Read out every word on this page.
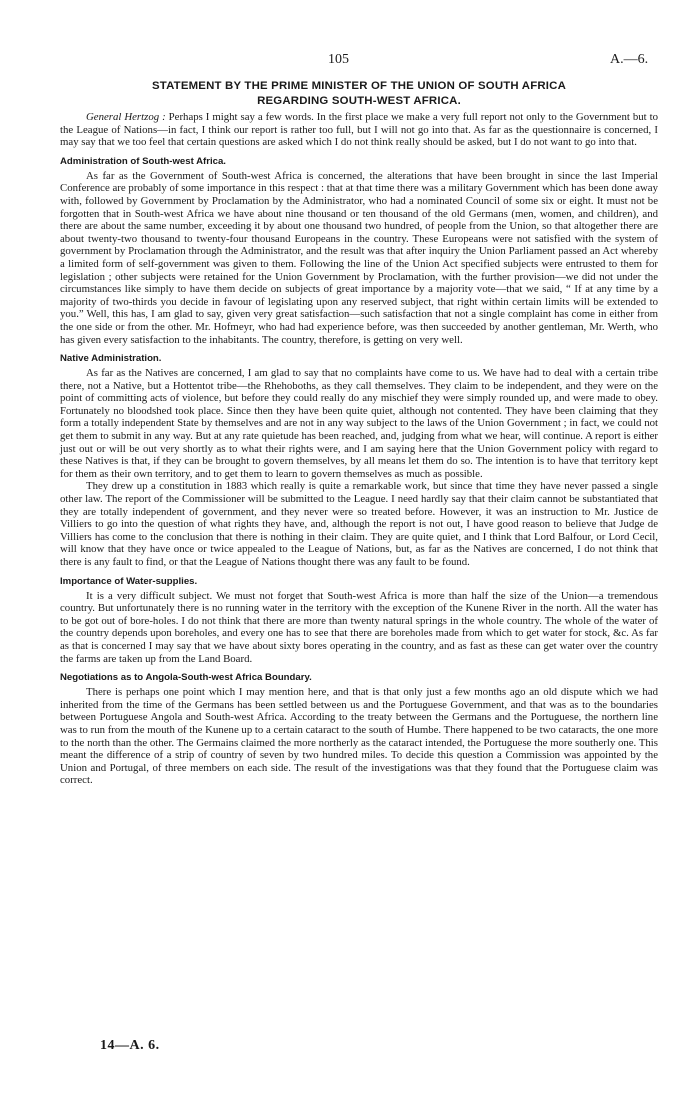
105	A.—6.
STATEMENT BY THE PRIME MINISTER OF THE UNION OF SOUTH AFRICA
REGARDING SOUTH-WEST AFRICA.

General Hertzog : Perhaps I might say a few words. In the first place we make a very full report not only to the Government but to the League of Nations—in fact, I think our report is rather too full, but I will not go into that. As far as the questionnaire is concerned, I may say that we too feel that certain questions are asked which I do not think really should be asked, but I do not want to go into that.

Administration of South-west Africa.

As far as the Government of South-west Africa is concerned, the alterations that have been brought in since the last Imperial Conference are probably of some importance in this respect : that at that time there was a military Government which has been done away with, followed by Government by Proclamation by the Administrator, who had a nominated Council of some six or eight. It must not be forgotten that in South-west Africa we have about nine thousand or ten thousand of the old Germans (men, women, and children), and there are about the same number, exceeding it by about one thousand two hundred, of people from the Union, so that altogether there are about twenty-two thousand to twenty-four thousand Europeans in the country. These Europeans were not satisfied with the system of government by Proclamation through the Administrator, and the result was that after inquiry the Union Parliament passed an Act whereby a limited form of self-government was given to them. Following the line of the Union Act specified subjects were entrusted to them for legislation ; other subjects were retained for the Union Government by Proclamation, with the further provision—we did not under the circumstances like simply to have them decide on subjects of great importance by a majority vote—that we said, “ If at any time by a majority of two-thirds you decide in favour of legislating upon any reserved subject, that right within certain limits will be extended to you.” Well, this has, I am glad to say, given very great satisfaction—such satisfaction that not a single complaint has come in either from the one side or from the other. Mr. Hofmeyr, who had had experience before, was then succeeded by another gentleman, Mr. Werth, who has given every satisfaction to the inhabitants. The country, therefore, is getting on very well.

Native Administration.

As far as the Natives are concerned, I am glad to say that no complaints have come to us. We have had to deal with a certain tribe there, not a Native, but a Hottentot tribe—the Rhehoboths, as they call themselves. They claim to be independent, and they were on the point of committing acts of violence, but before they could really do any mischief they were simply rounded up, and were made to obey. Fortunately no bloodshed took place. Since then they have been quite quiet, although not contented. They have been claiming that they form a totally independent State by themselves and are not in any way subject to the laws of the Union Government ; in fact, we could not get them to submit in any way. But at any rate quietude has been reached, and, judging from what we hear, will continue. A report is either just out or will be out very shortly as to what their rights were, and I am saying here that the Union Government policy with regard to these Natives is that, if they can be brought to govern themselves, by all means let them do so. The intention is to have that territory kept for them as their own territory, and to get them to learn to govern themselves as much as possible.

They drew up a constitution in 1883 which really is quite a remarkable work, but since that time they have never passed a single other law. The report of the Commissioner will be submitted to the League. I need hardly say that their claim cannot be substantiated that they are totally independent of government, and they never were so treated before. However, it was an instruction to Mr. Justice de Villiers to go into the question of what rights they have, and, although the report is not out, I have good reason to believe that Judge de Villiers has come to the conclusion that there is nothing in their claim. They are quite quiet, and I think that Lord Balfour, or Lord Cecil, will know that they have once or twice appealed to the League of Nations, but, as far as the Natives are concerned, I do not think that there is any fault to find, or that the League of Nations thought there was any fault to be found.

Importance of Water-supplies.

It is a very difficult subject. We must not forget that South-west Africa is more than half the size of the Union—a tremendous country. But unfortunately there is no running water in the territory with the exception of the Kunene River in the north. All the water has to be got out of bore-holes. I do not think that there are more than twenty natural springs in the whole country. The whole of the water of the country depends upon boreholes, and every one has to see that there are boreholes made from which to get water for stock, &c. As far as that is concerned I may say that we have about sixty bores operating in the country, and as fast as these can get water over the country the farms are taken up from the Land Board.

Negotiations as to Angola-South-west Africa Boundary.

There is perhaps one point which I may mention here, and that is that only just a few months ago an old dispute which we had inherited from the time of the Germans has been settled between us and the Portuguese Government, and that was as to the boundaries between Portuguese Angola and South-west Africa. According to the treaty between the Germans and the Portuguese, the northern line was to run from the mouth of the Kunene up to a certain cataract to the south of Humbe. There happened to be two cataracts, the one more to the north than the other. The Germains claimed the more northerly as the cataract intended, the Portuguese the more southerly one. This meant the difference of a strip of country of seven by two hundred miles. To decide this question a Commission was appointed by the Union and Portugal, of three members on each side. The result of the investigations was that they found that the Portuguese claim was correct.

14—A. 6.
